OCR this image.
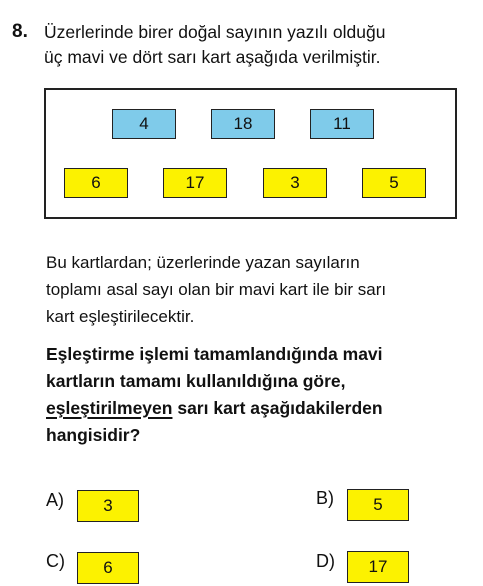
8. Üzerlerinde birer doğal sayının yazılı olduğu
üç mavi ve dört sarı kart aşağıda verilmiştir.
4	18	11
6	17	3	5
Bu kartlardan; üzerlerinde yazan sayıların
toplamı asal sayı olan bir mavi kart ile bir sarı
kart eşleştirilecektir.
Eşleştirme işlemi tamamlandığında mavi
kartların tamamı kullanıldığına göre,
eşleştirilmeyen sarı kart aşağıdakilerden
hangisidir?
A)	3	B)	5
C)	6	D)	17
